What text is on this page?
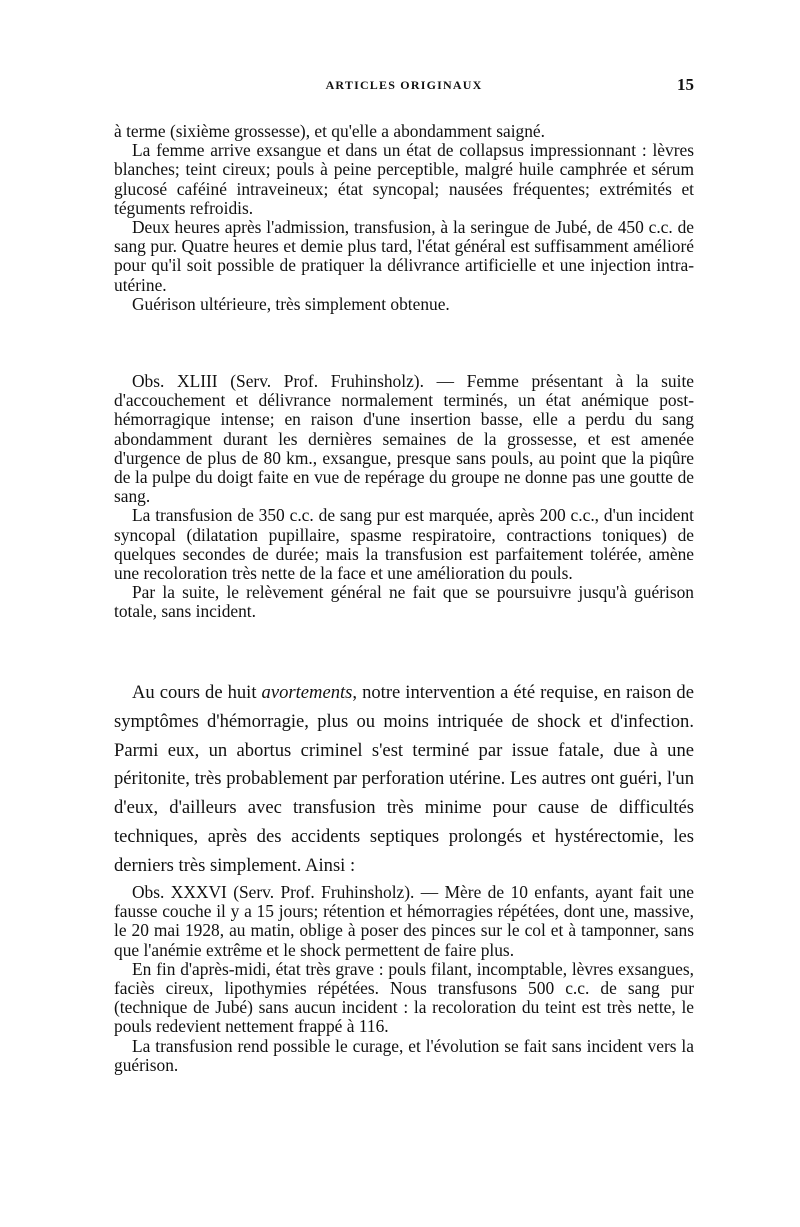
ARTICLES ORIGINAUX	15

à terme (sixième grossesse), et qu'elle a abondamment saigné.

La femme arrive exsangue et dans un état de collapsus impressionnant : lèvres blanches; teint cireux; pouls à peine perceptible, malgré huile camphrée et sérum glucosé caféiné intraveineux; état syncopal; nausées fréquentes; extrémités et téguments refroidis.

Deux heures après l'admission, transfusion, à la seringue de Jubé, de 450 c.c. de sang pur. Quatre heures et demie plus tard, l'état général est suffisamment amélioré pour qu'il soit possible de pratiquer la délivrance artificielle et une injection intra-utérine.

Guérison ultérieure, très simplement obtenue.

Obs. XLIII (Serv. Prof. Fruhinsholz). — Femme présentant à la suite d'accouchement et délivrance normalement terminés, un état anémique post-hémorragique intense; en raison d'une insertion basse, elle a perdu du sang abondamment durant les dernières semaines de la grossesse, et est amenée d'urgence de plus de 80 km., exsangue, presque sans pouls, au point que la piqûre de la pulpe du doigt faite en vue de repérage du groupe ne donne pas une goutte de sang.

La transfusion de 350 c.c. de sang pur est marquée, après 200 c.c., d'un incident syncopal (dilatation pupillaire, spasme respiratoire, contractions toniques) de quelques secondes de durée; mais la transfusion est parfaitement tolérée, amène une recoloration très nette de la face et une amélioration du pouls.

Par la suite, le relèvement général ne fait que se poursuivre jusqu'à guérison totale, sans incident.

Au cours de huit avortements, notre intervention a été requise, en raison de symptômes d'hémorragie, plus ou moins intriquée de shock et d'infection. Parmi eux, un abortus criminel s'est terminé par issue fatale, due à une péritonite, très probablement par perforation utérine. Les autres ont guéri, l'un d'eux, d'ailleurs avec transfusion très minime pour cause de difficultés techniques, après des accidents septiques prolongés et hystérectomie, les derniers très simplement. Ainsi :

Obs. XXXVI (Serv. Prof. Fruhinsholz). — Mère de 10 enfants, ayant fait une fausse couche il y a 15 jours; rétention et hémorragies répétées, dont une, massive, le 20 mai 1928, au matin, oblige à poser des pinces sur le col et à tamponner, sans que l'anémie extrême et le shock permettent de faire plus.

En fin d'après-midi, état très grave : pouls filant, incomptable, lèvres exsangues, faciès cireux, lipothymies répétées. Nous transfusons 500 c.c. de sang pur (technique de Jubé) sans aucun incident : la recoloration du teint est très nette, le pouls redevient nettement frappé à 116.

La transfusion rend possible le curage, et l'évolution se fait sans incident vers la guérison.
